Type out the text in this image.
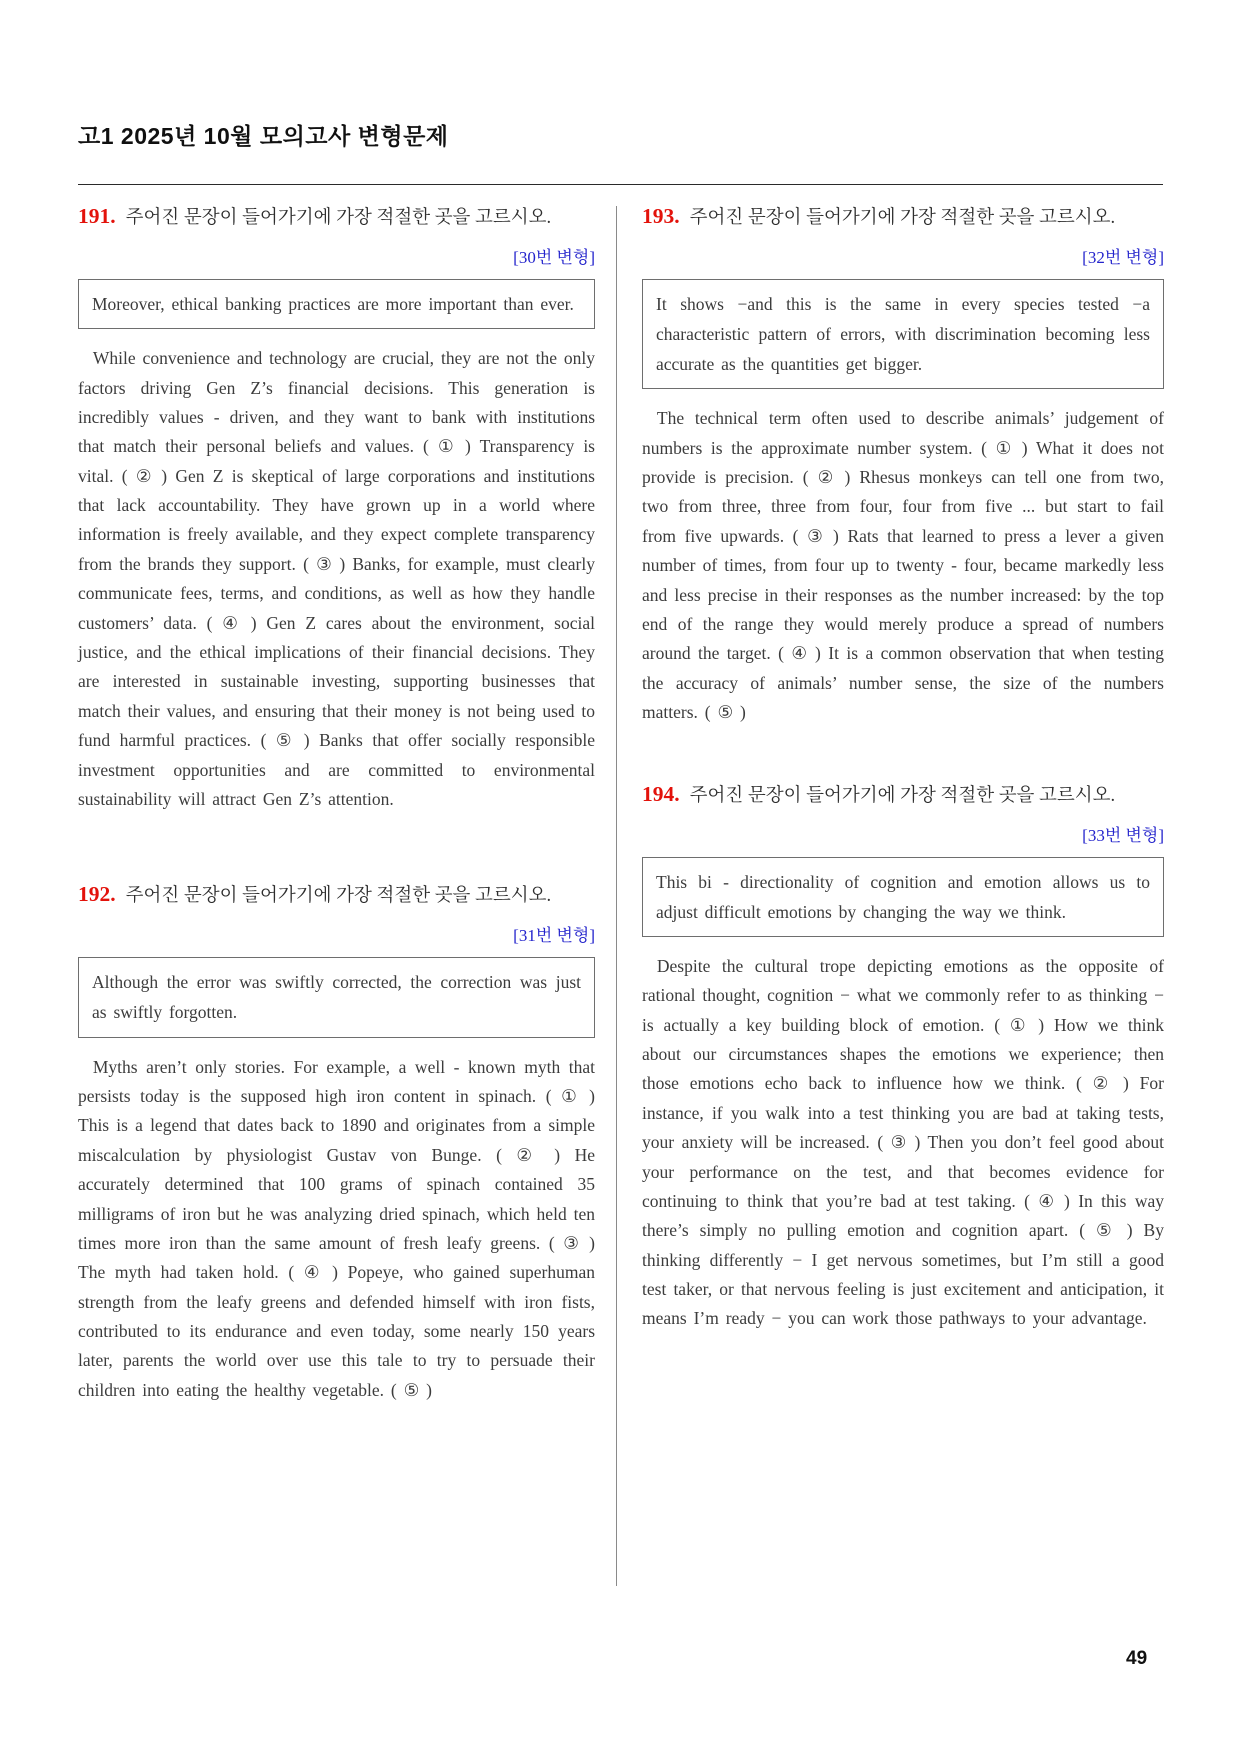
고1 2025년 10월 모의고사 변형문제
191. 주어진 문장이 들어가기에 가장 적절한 곳을 고르시오.
[30번 변형]
Moreover, ethical banking practices are more important than ever.

While convenience and technology are crucial, they are not the only factors driving Gen Z’s financial decisions. This generation is incredibly values - driven, and they want to bank with institutions that match their personal beliefs and values. ( ① ) Transparency is vital. ( ② ) Gen Z is skeptical of large corporations and institutions that lack accountability. They have grown up in a world where information is freely available, and they expect complete transparency from the brands they support. ( ③ ) Banks, for example, must clearly communicate fees, terms, and conditions, as well as how they handle customers’ data. ( ④ ) Gen Z cares about the environment, social justice, and the ethical implications of their financial decisions. They are interested in sustainable investing, supporting businesses that match their values, and ensuring that their money is not being used to fund harmful practices. ( ⑤ ) Banks that offer socially responsible investment opportunities and are committed to environmental sustainability will attract Gen Z’s attention.

192. 주어진 문장이 들어가기에 가장 적절한 곳을 고르시오.
[31번 변형]
Although the error was swiftly corrected, the correction was just as swiftly forgotten.

Myths aren’t only stories. For example, a well - known myth that persists today is the supposed high iron content in spinach. ( ① ) This is a legend that dates back to 1890 and originates from a simple miscalculation by physiologist Gustav von Bunge. ( ② ) He accurately determined that 100 grams of spinach contained 35 milligrams of iron but he was analyzing dried spinach, which held ten times more iron than the same amount of fresh leafy greens. ( ③ ) The myth had taken hold. ( ④ ) Popeye, who gained superhuman strength from the leafy greens and defended himself with iron fists, contributed to its endurance and even today, some nearly 150 years later, parents the world over use this tale to try to persuade their children into eating the healthy vegetable. ( ⑤ )

193. 주어진 문장이 들어가기에 가장 적절한 곳을 고르시오.
[32번 변형]
It shows −and this is the same in every species tested −a characteristic pattern of errors, with discrimination becoming less accurate as the quantities get bigger.

The technical term often used to describe animals’ judgement of numbers is the approximate number system. ( ① ) What it does not provide is precision. ( ② ) Rhesus monkeys can tell one from two, two from three, three from four, four from five ... but start to fail from five upwards. ( ③ ) Rats that learned to press a lever a given number of times, from four up to twenty - four, became markedly less and less precise in their responses as the number increased: by the top end of the range they would merely produce a spread of numbers around the target. ( ④ ) It is a common observation that when testing the accuracy of animals’ number sense, the size of the numbers matters. ( ⑤ )

194. 주어진 문장이 들어가기에 가장 적절한 곳을 고르시오.
[33번 변형]
This bi - directionality of cognition and emotion allows us to adjust difficult emotions by changing the way we think.

Despite the cultural trope depicting emotions as the opposite of rational thought, cognition − what we commonly refer to as thinking − is actually a key building block of emotion. ( ① ) How we think about our circumstances shapes the emotions we experience; then those emotions echo back to influence how we think. ( ② ) For instance, if you walk into a test thinking you are bad at taking tests, your anxiety will be increased. ( ③ ) Then you don’t feel good about your performance on the test, and that becomes evidence for continuing to think that you’re bad at test taking. ( ④ ) In this way there’s simply no pulling emotion and cognition apart. ( ⑤ ) By thinking differently − I get nervous sometimes, but I’m still a good test taker, or that nervous feeling is just excitement and anticipation, it means I’m ready − you can work those pathways to your advantage.

49
